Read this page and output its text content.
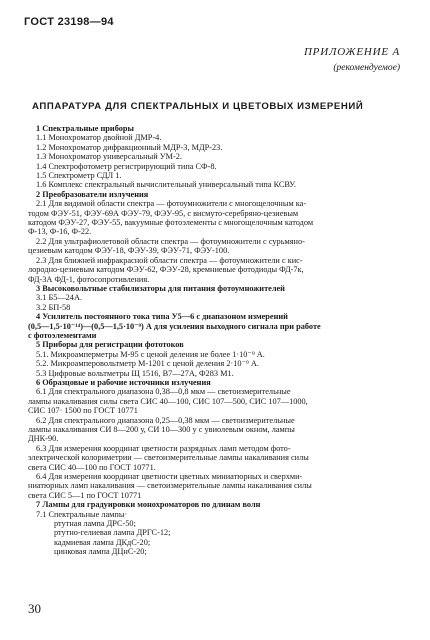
ГОСТ 23198—94
ПРИЛОЖЕНИЕ А
(рекомендуемое)
АППАРАТУРА ДЛЯ СПЕКТРАЛЬНЫХ И ЦВЕТОВЫХ ИЗМЕРЕНИЙ
1 Спектральные приборы
1.1 Монохроматор двойной ДМР-4.
1.2 Монохроматор дифракционный МДР-3, МДР-23.
1.3 Монохроматор универсальный УМ-2.
1.4 Спектрофотометр регистрирующий типа СФ-8.
1.5 Спектрометр СДЛ 1.
1.6 Комплекс спектральный вычислительный универсальный типа КСВУ.
2 Преобразователи излучения
2.1 Для видимой области спектра — фотоумножители с многощелочным ка-
тодом ФЭУ-51, ФЭУ-69А ФЭУ-79, ФЭУ-95, с висмуто-серебряно-цезиевым
катодом ФЭУ-27, ФЭУ-55, вакуумные фотоэлементы с многощелочным катодом
Ф-13, Ф-16, Ф-22.
2.2 Для ультрафиолетовой области спектра — фотоумножители с сурьмяно-
цезиевым катодом ФЭУ-18, ФЭУ-39, ФЭУ-71, ФЭУ-100.
2.3 Для ближней инфракрасной области спектра — фотоумножители с кис-
лородно-цезиевым катодом ФЭУ-62, ФЭУ-28, кремниевые фотодиоды ФД-7к,
ФД-3А ФД-1, фотосопротивления.
3 Высоковольтные стабилизаторы для питания фотоумножителей
3.1 Б5—24А.
3.2 БП-58
4 Усилитель постоянного тока типа У5—6 с диапазоном измерений
(0,5—1,5·10⁻¹⁴)—(0,5—1,5·10⁻⁹) А для усиления выходного сигнала при работе
с фотоэлементами
5 Приборы для регистрации фототоков
5.1. Микроамперметры М-95 с ценой деления не более 1·10⁻⁹ А.
5.2. Микроамперовольтметр М-1201 с ценой деления 2·10⁻⁹ А.
5.3 Цифровые вольтметры Щ 1516, В7—27А, Ф283 М1.
6 Образцовые и рабочие источники излучения
6.1 Для спектрального диапазона 0,38—0,8 мкм — светоизмерительные
лампы накаливания силы света СИС 40—100, СИС 107—500, СИС 107—1000,
СИС 107· 1500 по ГОСТ 10771
6.2 Для спектрального диапазона 0,25—0,38 мкм — светоизмерительные
лампы накаливания СИ 8—200 у, СИ 10—300 у с увиолевым окном, лампы
ДНК-90.
6.3 Для измерения координат цветности разрядных ламп методом фото-
электрической колориметрии — светоизмерительные лампы накаливания силы
света СИС 40—100 по ГОСТ 10771.
6.4 Для измерения координат цветности цветных миниатюрных и сверхми-
ниатюрных ламп накаливания — светоизмерительные лампы накаливания силы
света СИС 5—1 по ГОСТ 10771
7 Лампы для градуировки монохроматоров по длинам волн
7.1 Спектральные лампы·
ртутная лампа ДРС-50;
ртутно-гелиевая лампа ДРГС-12;
кадмиевая лампа ДКдС-20;
цинковая лампа ДЦнС-20;
30
